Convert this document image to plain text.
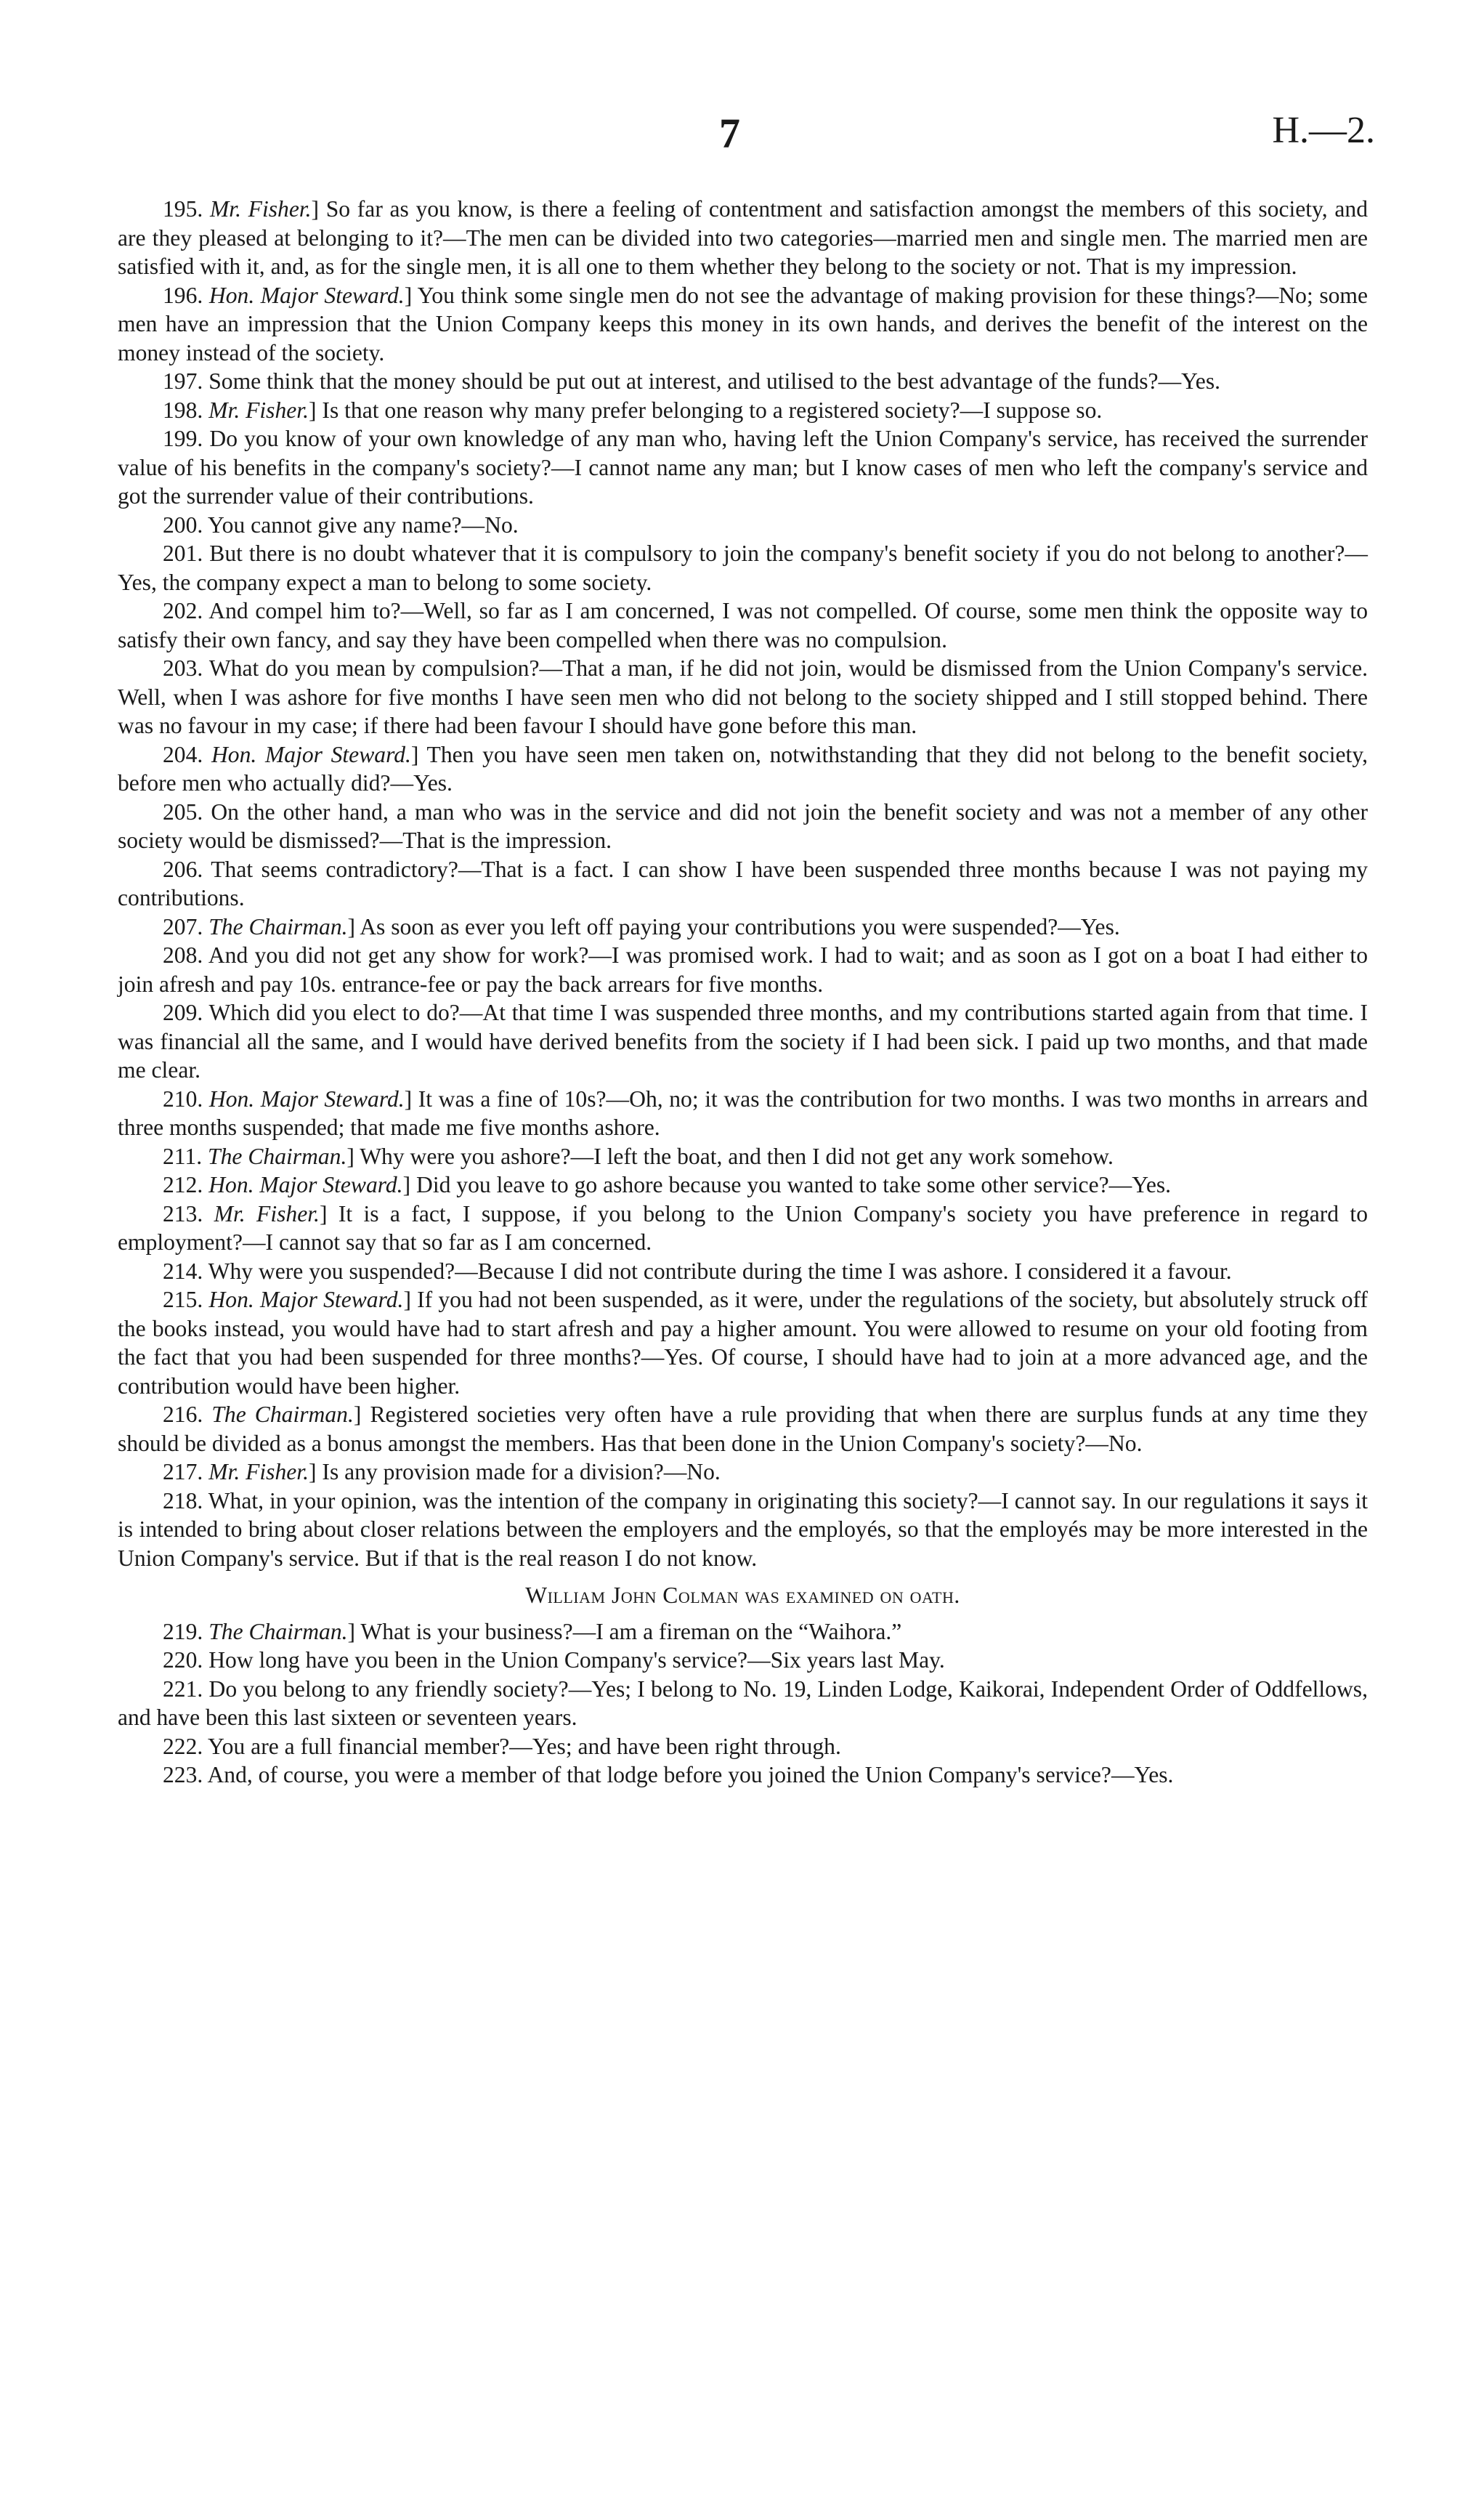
7	H.—2.

195. Mr. Fisher.] So far as you know, is there a feeling of contentment and satisfaction amongst the members of this society, and are they pleased at belonging to it?—The men can be divided into two categories—married men and single men. The married men are satisfied with it, and, as for the single men, it is all one to them whether they belong to the society or not. That is my impression.

196. Hon. Major Steward.] You think some single men do not see the advantage of making provision for these things?—No; some men have an impression that the Union Company keeps this money in its own hands, and derives the benefit of the interest on the money instead of the society.

197. Some think that the money should be put out at interest, and utilised to the best advantage of the funds?—Yes.

198. Mr. Fisher.] Is that one reason why many prefer belonging to a registered society?—I suppose so.

199. Do you know of your own knowledge of any man who, having left the Union Company's service, has received the surrender value of his benefits in the company's society?—I cannot name any man; but I know cases of men who left the company's service and got the surrender value of their contributions.

200. You cannot give any name?—No.

201. But there is no doubt whatever that it is compulsory to join the company's benefit society if you do not belong to another?—Yes, the company expect a man to belong to some society.

202. And compel him to?—Well, so far as I am concerned, I was not compelled. Of course, some men think the opposite way to satisfy their own fancy, and say they have been compelled when there was no compulsion.

203. What do you mean by compulsion?—That a man, if he did not join, would be dismissed from the Union Company's service. Well, when I was ashore for five months I have seen men who did not belong to the society shipped and I still stopped behind. There was no favour in my case; if there had been favour I should have gone before this man.

204. Hon. Major Steward.] Then you have seen men taken on, notwithstanding that they did not belong to the benefit society, before men who actually did?—Yes.

205. On the other hand, a man who was in the service and did not join the benefit society and was not a member of any other society would be dismissed?—That is the impression.

206. That seems contradictory?—That is a fact. I can show I have been suspended three months because I was not paying my contributions.

207. The Chairman.] As soon as ever you left off paying your contributions you were suspended?—Yes.

208. And you did not get any show for work?—I was promised work. I had to wait; and as soon as I got on a boat I had either to join afresh and pay 10s. entrance-fee or pay the back arrears for five months.

209. Which did you elect to do?—At that time I was suspended three months, and my contributions started again from that time. I was financial all the same, and I would have derived benefits from the society if I had been sick. I paid up two months, and that made me clear.

210. Hon. Major Steward.] It was a fine of 10s?—Oh, no; it was the contribution for two months. I was two months in arrears and three months suspended; that made me five months ashore.

211. The Chairman.] Why were you ashore?—I left the boat, and then I did not get any work somehow.

212. Hon. Major Steward.] Did you leave to go ashore because you wanted to take some other service?—Yes.

213. Mr. Fisher.] It is a fact, I suppose, if you belong to the Union Company's society you have preference in regard to employment?—I cannot say that so far as I am concerned.

214. Why were you suspended?—Because I did not contribute during the time I was ashore. I considered it a favour.

215. Hon. Major Steward.] If you had not been suspended, as it were, under the regulations of the society, but absolutely struck off the books instead, you would have had to start afresh and pay a higher amount. You were allowed to resume on your old footing from the fact that you had been suspended for three months?—Yes. Of course, I should have had to join at a more advanced age, and the contribution would have been higher.

216. The Chairman.] Registered societies very often have a rule providing that when there are surplus funds at any time they should be divided as a bonus amongst the members. Has that been done in the Union Company's society?—No.

217. Mr. Fisher.] Is any provision made for a division?—No.

218. What, in your opinion, was the intention of the company in originating this society?—I cannot say. In our regulations it says it is intended to bring about closer relations between the employers and the employés, so that the employés may be more interested in the Union Company's service. But if that is the real reason I do not know.

William John Colman was examined on oath.

219. The Chairman.] What is your business?—I am a fireman on the “Waihora.”

220. How long have you been in the Union Company's service?—Six years last May.

221. Do you belong to any friendly society?—Yes; I belong to No. 19, Linden Lodge, Kaikorai, Independent Order of Oddfellows, and have been this last sixteen or seventeen years.

222. You are a full financial member?—Yes; and have been right through.

223. And, of course, you were a member of that lodge before you joined the Union Company's service?—Yes.
